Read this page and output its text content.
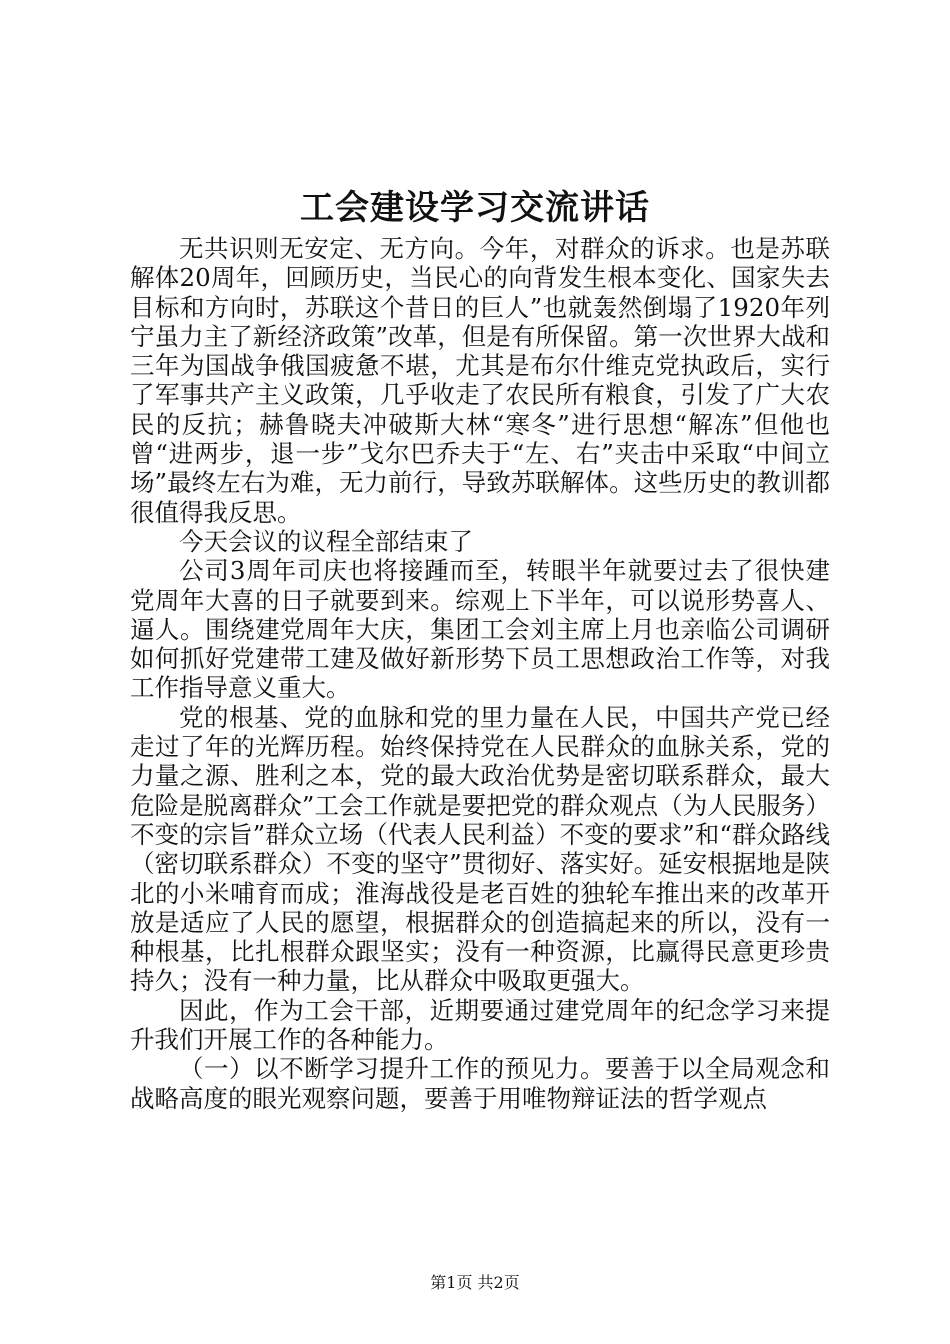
工会建设学习交流讲话

无共识则无安定、无方向。今年，对群众的诉求。也是苏联解体20周年，回顾历史，当民心的向背发生根本变化、国家失去目标和方向时，苏联这个昔日的巨人”也就轰然倒塌了1920年列宁虽力主了新经济政策”改革，但是有所保留。第一次世界大战和三年为国战争俄国疲惫不堪，尤其是布尔什维克党执政后，实行了军事共产主义政策，几乎收走了农民所有粮食，引发了广大农民的反抗；赫鲁晓夫冲破斯大林“寒冬”进行思想“解冻”但他也曾“进两步，退一步”戈尔巴乔夫于“左、右”夹击中采取“中间立场”最终左右为难，无力前行，导致苏联解体。这些历史的教训都很值得我反思。

今天会议的议程全部结束了

公司3周年司庆也将接踵而至，转眼半年就要过去了很快建党周年大喜的日子就要到来。综观上下半年，可以说形势喜人、逼人。围绕建党周年大庆，集团工会刘主席上月也亲临公司调研如何抓好党建带工建及做好新形势下员工思想政治工作等，对我工作指导意义重大。

党的根基、党的血脉和党的里力量在人民，中国共产党已经走过了年的光辉历程。始终保持党在人民群众的血脉关系，党的力量之源、胜利之本，党的最大政治优势是密切联系群众，最大危险是脱离群众”工会工作就是要把党的群众观点（为人民服务）不变的宗旨”群众立场（代表人民利益）不变的要求”和“群众路线（密切联系群众）不变的坚守”贯彻好、落实好。延安根据地是陕北的小米哺育而成；淮海战役是老百姓的独轮车推出来的改革开放是适应了人民的愿望，根据群众的创造搞起来的所以，没有一种根基，比扎根群众跟坚实；没有一种资源，比赢得民意更珍贵持久；没有一种力量，比从群众中吸取更强大。

因此，作为工会干部，近期要通过建党周年的纪念学习来提升我们开展工作的各种能力。

（一）以不断学习提升工作的预见力。要善于以全局观念和战略高度的眼光观察问题，要善于用唯物辩证法的哲学观点

第1页 共2页
